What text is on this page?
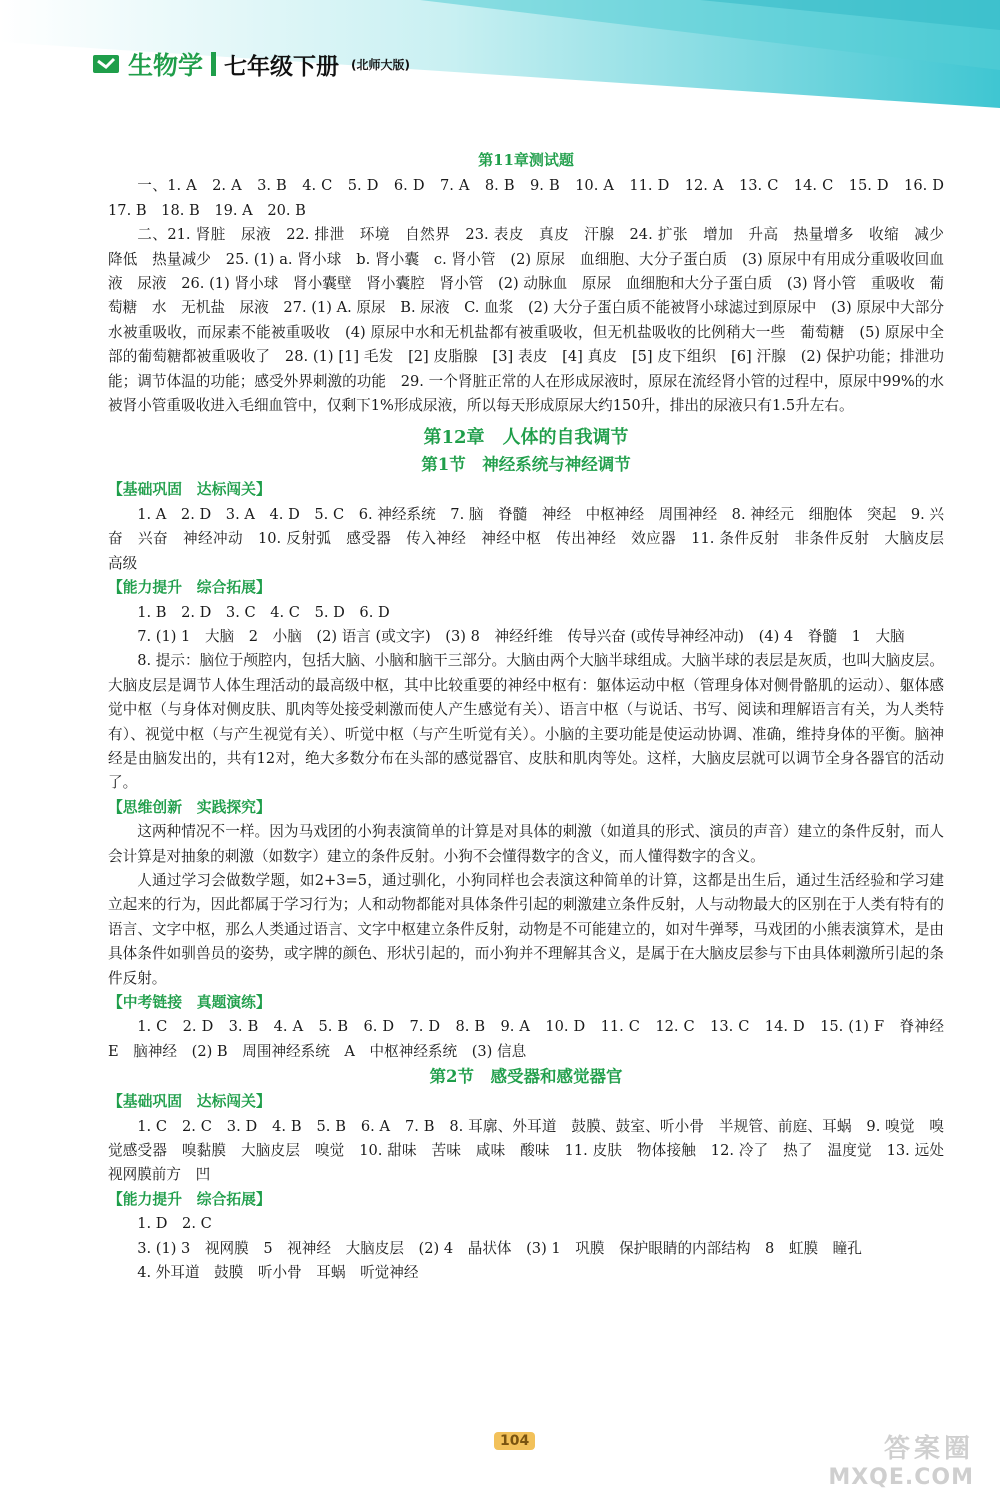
生物学 七年级下册 (北师大版)
第11章测试题

一、1. A　2. A　3. B　4. C　5. D　6. D　7. A　8. B　9. B　10. A　11. D　12. A　13. C　14. C　15. D　16. D　17. B　18. B　19. A　20. B

二、21. 肾脏　尿液　22. 排泄　环境　自然界　23. 表皮　真皮　汗腺　24. 扩张　增加　升高　热量增多　收缩　减少　降低　热量减少　25. (1) a. 肾小球　b. 肾小囊　c. 肾小管　(2) 原尿　血细胞、大分子蛋白质　(3) 原尿中有用成分重吸收回血液　尿液　26. (1) 肾小球　肾小囊壁　肾小囊腔　肾小管　(2) 动脉血　原尿　血细胞和大分子蛋白质　(3) 肾小管　重吸收　葡萄糖　水　无机盐　尿液　27. (1) A. 原尿　B. 尿液　C. 血浆　(2) 大分子蛋白质不能被肾小球滤过到原尿中　(3) 原尿中大部分水被重吸收，而尿素不能被重吸收　(4) 原尿中水和无机盐都有被重吸收，但无机盐吸收的比例稍大一些　葡萄糖　(5) 原尿中全部的葡萄糖都被重吸收了　28. (1) [1] 毛发　[2] 皮脂腺　[3] 表皮　[4] 真皮　[5] 皮下组织　[6] 汗腺　(2) 保护功能；排泄功能；调节体温的功能；感受外界刺激的功能　29. 一个肾脏正常的人在形成尿液时，原尿在流经肾小管的过程中，原尿中99%的水被肾小管重吸收进入毛细血管中，仅剩下1%形成尿液，所以每天形成原尿大约150升，排出的尿液只有1.5升左右。

第12章　人体的自我调节
第1节　神经系统与神经调节
【基础巩固　达标闯关】

1. A　2. D　3. A　4. D　5. C　6. 神经系统　7. 脑　脊髓　神经　中枢神经　周围神经　8. 神经元　细胞体　突起　9. 兴奋　兴奋　神经冲动　10. 反射弧　感受器　传入神经　神经中枢　传出神经　效应器　11. 条件反射　非条件反射　大脑皮层　高级

【能力提升　综合拓展】

1. B　2. D　3. C　4. C　5. D　6. D

7. (1) 1　大脑　2　小脑　(2) 语言 (或文字)　(3) 8　神经纤维　传导兴奋 (或传导神经冲动)　(4) 4　脊髓　1　大脑

8. 提示：脑位于颅腔内，包括大脑、小脑和脑干三部分。大脑由两个大脑半球组成。大脑半球的表层是灰质，也叫大脑皮层。大脑皮层是调节人体生理活动的最高级中枢，其中比较重要的神经中枢有：躯体运动中枢（管理身体对侧骨骼肌的运动）、躯体感觉中枢（与身体对侧皮肤、肌肉等处接受刺激而使人产生感觉有关）、语言中枢（与说话、书写、阅读和理解语言有关，为人类特有）、视觉中枢（与产生视觉有关）、听觉中枢（与产生听觉有关）。小脑的主要功能是使运动协调、准确，维持身体的平衡。脑神经是由脑发出的，共有12对，绝大多数分布在头部的感觉器官、皮肤和肌肉等处。这样，大脑皮层就可以调节全身各器官的活动了。

【思维创新　实践探究】

这两种情况不一样。因为马戏团的小狗表演简单的计算是对具体的刺激（如道具的形式、演员的声音）建立的条件反射，而人会计算是对抽象的刺激（如数字）建立的条件反射。小狗不会懂得数字的含义，而人懂得数字的含义。

人通过学习会做数学题，如2+3=5，通过驯化，小狗同样也会表演这种简单的计算，这都是出生后，通过生活经验和学习建立起来的行为，因此都属于学习行为；人和动物都能对具体条件引起的刺激建立条件反射，人与动物最大的区别在于人类有特有的语言、文字中枢，那么人类通过语言、文字中枢建立条件反射，动物是不可能建立的，如对牛弹琴，马戏团的小熊表演算术，是由具体条件如驯兽员的姿势，或字牌的颜色、形状引起的，而小狗并不理解其含义，是属于在大脑皮层参与下由具体刺激所引起的条件反射。

【中考链接　真题演练】

1. C　2. D　3. B　4. A　5. B　6. D　7. D　8. B　9. A　10. D　11. C　12. C　13. C　14. D　15. (1) F　脊神经　E　脑神经　(2) B　周围神经系统　A　中枢神经系统　(3) 信息

第2节　感受器和感觉器官
【基础巩固　达标闯关】

1. C　2. C　3. D　4. B　5. B　6. A　7. B　8. 耳廓、外耳道　鼓膜、鼓室、听小骨　半规管、前庭、耳蜗　9. 嗅觉　嗅觉感受器　嗅黏膜　大脑皮层　嗅觉　10. 甜味　苦味　咸味　酸味　11. 皮肤　物体接触　12. 冷了　热了　温度觉　13. 远处　视网膜前方　凹

【能力提升　综合拓展】

1. D　2. C

3. (1) 3　视网膜　5　视神经　大脑皮层　(2) 4　晶状体　(3) 1　巩膜　保护眼睛的内部结构　8　虹膜　瞳孔

4. 外耳道　鼓膜　听小骨　耳蜗　听觉神经

104	答案圈
MXQE.COM
